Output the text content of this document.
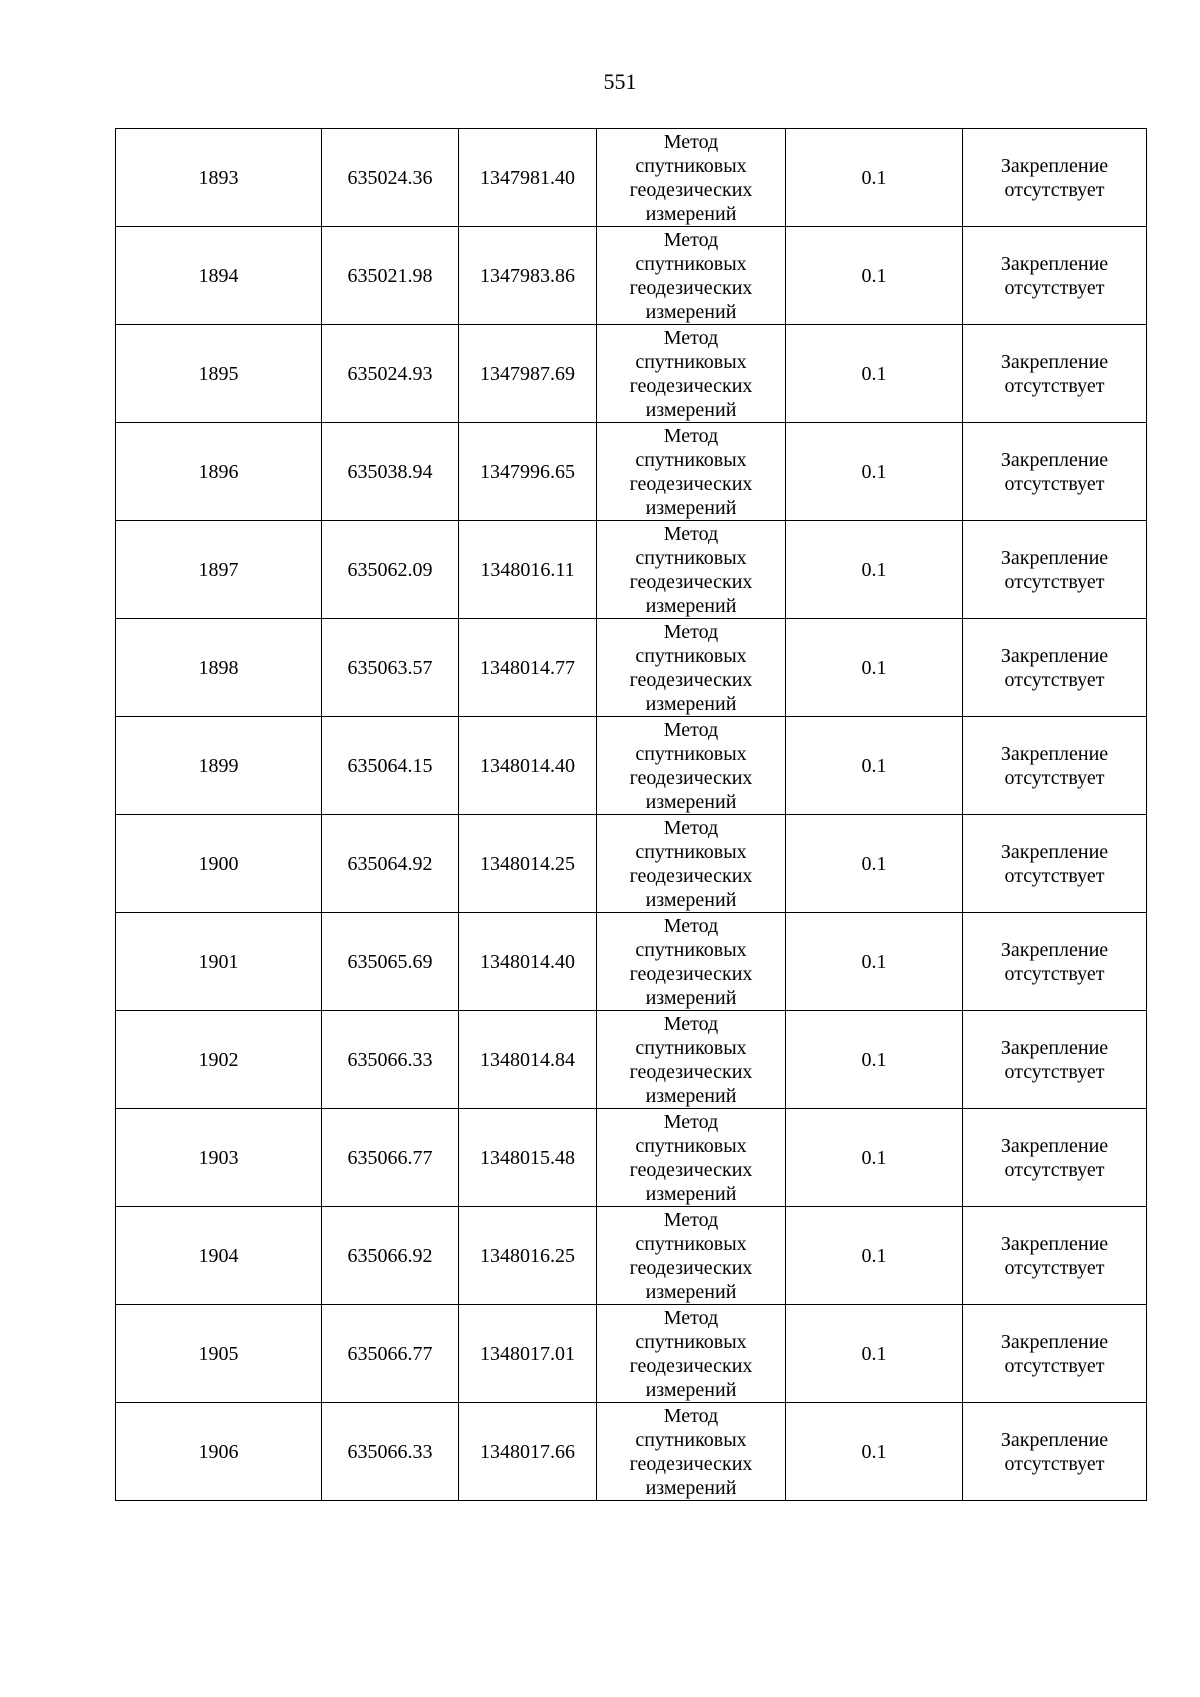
551
1893	635024.36	1347981.40	Метод
спутниковых
геодезических
измерений	0.1	Закрепление отсутствует
1894	635021.98	1347983.86	Метод
спутниковых
геодезических
измерений	0.1	Закрепление отсутствует
1895	635024.93	1347987.69	Метод
спутниковых
геодезических
измерений	0.1	Закрепление отсутствует
1896	635038.94	1347996.65	Метод
спутниковых
геодезических
измерений	0.1	Закрепление отсутствует
1897	635062.09	1348016.11	Метод
спутниковых
геодезических
измерений	0.1	Закрепление отсутствует
1898	635063.57	1348014.77	Метод
спутниковых
геодезических
измерений	0.1	Закрепление отсутствует
1899	635064.15	1348014.40	Метод
спутниковых
геодезических
измерений	0.1	Закрепление отсутствует
1900	635064.92	1348014.25	Метод
спутниковых
геодезических
измерений	0.1	Закрепление отсутствует
1901	635065.69	1348014.40	Метод
спутниковых
геодезических
измерений	0.1	Закрепление отсутствует
1902	635066.33	1348014.84	Метод
спутниковых
геодезических
измерений	0.1	Закрепление отсутствует
1903	635066.77	1348015.48	Метод
спутниковых
геодезических
измерений	0.1	Закрепление отсутствует
1904	635066.92	1348016.25	Метод
спутниковых
геодезических
измерений	0.1	Закрепление отсутствует
1905	635066.77	1348017.01	Метод
спутниковых
геодезических
измерений	0.1	Закрепление отсутствует
1906	635066.33	1348017.66	Метод
спутниковых
геодезических
измерений	0.1	Закрепление отсутствует
